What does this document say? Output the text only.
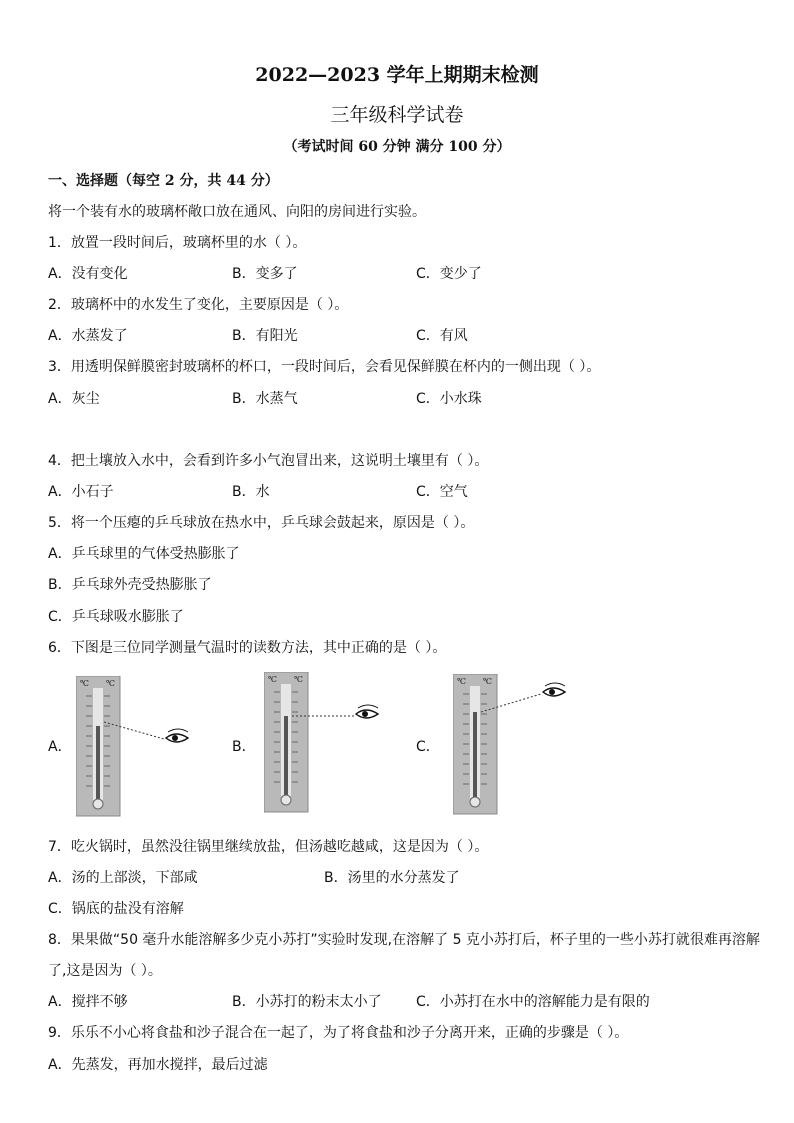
2022—2023 学年上期期末检测
三年级科学试卷
（考试时间 60 分钟 满分 100 分）
一、选择题（每空 2 分，共 44 分）
将一个装有水的玻璃杯敞口放在通风、向阳的房间进行实验。
1．放置一段时间后，玻璃杯里的水（ ）。
A．没有变化	B．变多了	C．变少了
2．玻璃杯中的水发生了变化，主要原因是（ ）。
A．水蒸发了	B．有阳光	C．有风
3．用透明保鲜膜密封玻璃杯的杯口，一段时间后，会看见保鲜膜在杯内的一侧出现（ ）。
A．灰尘	B．水蒸气	C．小水珠
4．把土壤放入水中，会看到许多小气泡冒出来，这说明土壤里有（ ）。
A．小石子	B．水	C．空气
5．将一个压瘪的乒乓球放在热水中，乒乓球会鼓起来，原因是（ ）。
A．乒乓球里的气体受热膨胀了
B．乒乓球外壳受热膨胀了
C．乒乓球吸水膨胀了
6．下图是三位同学测量气温时的读数方法，其中正确的是（ ）。
A．	B．	C．
℃ ℃	℃ ℃	℃ ℃
7．吃火锅时，虽然没往锅里继续放盐，但汤越吃越咸，这是因为（ ）。
A．汤的上部淡，下部咸	B．汤里的水分蒸发了
C．锅底的盐没有溶解
8．果果做“50 毫升水能溶解多少克小苏打”实验时发现,在溶解了 5 克小苏打后，杯子里的一些小苏打就很难再溶解
了,这是因为（ ）。
A．搅拌不够	B．小苏打的粉末太小了 C．小苏打在水中的溶解能力是有限的
9．乐乐不小心将食盐和沙子混合在一起了，为了将食盐和沙子分离开来，正确的步骤是（ ）。
A．先蒸发，再加水搅拌，最后过滤
